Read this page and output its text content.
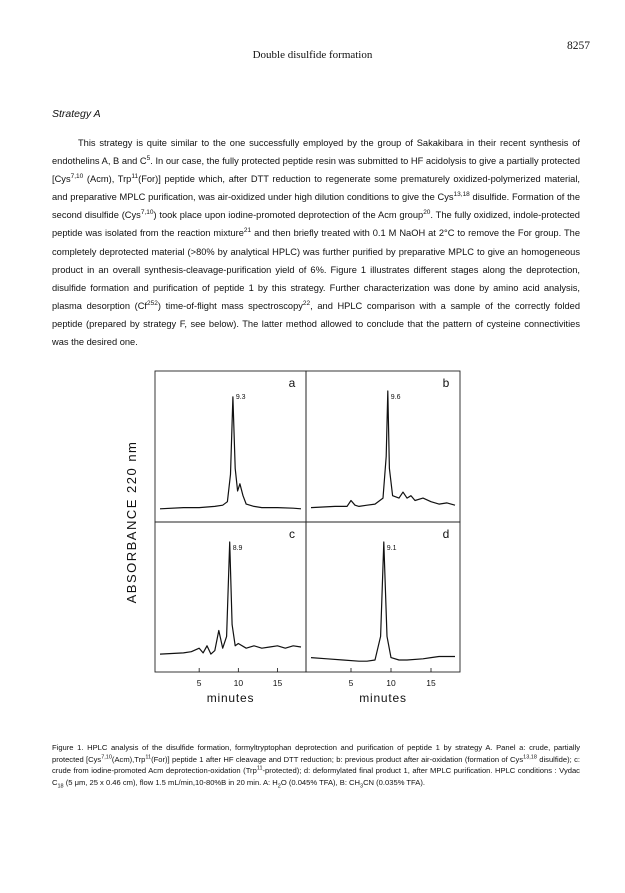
Double disulfide formation
8257
Strategy A

This strategy is quite similar to the one successfully employed by the group of Sakakibara in their recent synthesis of endothelins A, B and $C^5$. In our case, the fully protected peptide resin was submitted to HF acidolysis to give a partially protected [Cys$^{7,10}$ (Acm), Trp$^{11}$(For)] peptide which, after DTT reduction to regenerate some prematurely oxidized-polymerized material, and preparative MPLC purification, was air-oxidized under high dilution conditions to give the Cys$^{13,18}$ disulfide. Formation of the second disulfide (Cys$^{7,10}$) took place upon iodine-promoted deprotection of the Acm group$^{20}$. The fully oxidized, indole-protected peptide was isolated from the reaction mixture$^{21}$ and then briefly treated with 0.1 M NaOH at 2°C to remove the For group. The completely deprotected material (>80% by analytical HPLC) was further purified by preparative MPLC to give an homogeneous product in an overall synthesis-cleavage-purification yield of 6%. Figure 1 illustrates different stages along the deprotection, disulfide formation and purification of peptide 1 by this strategy. Further characterization was done by amino acid analysis, plasma desorption (Cf$^{252}$) time-of-flight mass spectroscopy$^{22}$, and HPLC comparison with a sample of the correctly folded peptide (prepared by strategy F, see below). The latter method allowed to conclude that the pattern of cysteine connectivities was the desired one.

ABSORBANCE 220 nm
a
9.3
b
9.6
c
8.9
5	10	15
minutes
d
9.1
5	10	15
minutes

Figure 1. HPLC analysis of the disulfide formation, formyltryptophan deprotection and purification of peptide 1 by strategy A. Panel a: crude, partially protected [Cys$^{7,10}$(Acm),Trp$^{11}$(For)] peptide 1 after HF cleavage and DTT reduction; b: previous product after air-oxidation (formation of Cys$^{13,18}$ disulfide); c: crude from iodine-promoted Acm deprotection-oxidation (Trp$^{11}$-protected); d: deformylated final product 1, after MPLC purification. HPLC conditions : Vydac $C_{18}$ (5 μm, 25 x 0.46 cm), flow 1.5 mL/min,10-80%B in 20 min. A: $H_2O$ (0.045% TFA), B: $CH_3CN$ (0.035% TFA).
